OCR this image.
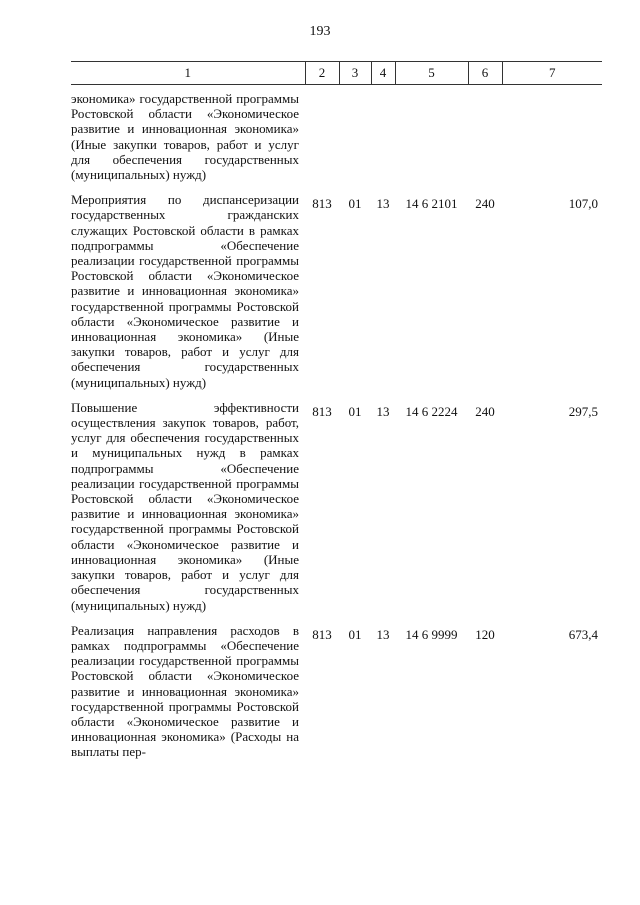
193
1	2	3	4	5	6	7
экономика» государственной программы Ростовской области «Экономическое развитие и инновационная экономика» (Иные закупки товаров, работ и услуг для обеспечения государственных (муниципальных) нужд)						
Мероприятия по диспансеризации государственных гражданских служащих Ростовской области в рамках подпрограммы «Обеспечение реализации государственной программы Ростовской области «Экономическое развитие и инновационная экономика» государственной программы Ростовской области «Экономическое развитие и инновационная экономика» (Иные закупки товаров, работ и услуг для обеспечения государственных (муниципальных) нужд)	813	01	13	14 6 2101	240	107,0
Повышение эффективности осуществления закупок товаров, работ, услуг для обеспечения государственных и муниципальных нужд в рамках подпрограммы «Обеспечение реализации государственной программы Ростовской области «Экономическое развитие и инновационная экономика» государственной программы Ростовской области «Экономическое развитие и инновационная экономика» (Иные закупки товаров, работ и услуг для обеспечения государственных (муниципальных) нужд)	813	01	13	14 6 2224	240	297,5
Реализация направления расходов в рамках подпрограммы «Обеспечение реализации государственной программы Ростовской области «Экономическое развитие и инновационная экономика» государственной программы Ростовской области «Экономическое развитие и инновационная экономика» (Расходы на выплаты пер-	813	01	13	14 6 9999	120	673,4
